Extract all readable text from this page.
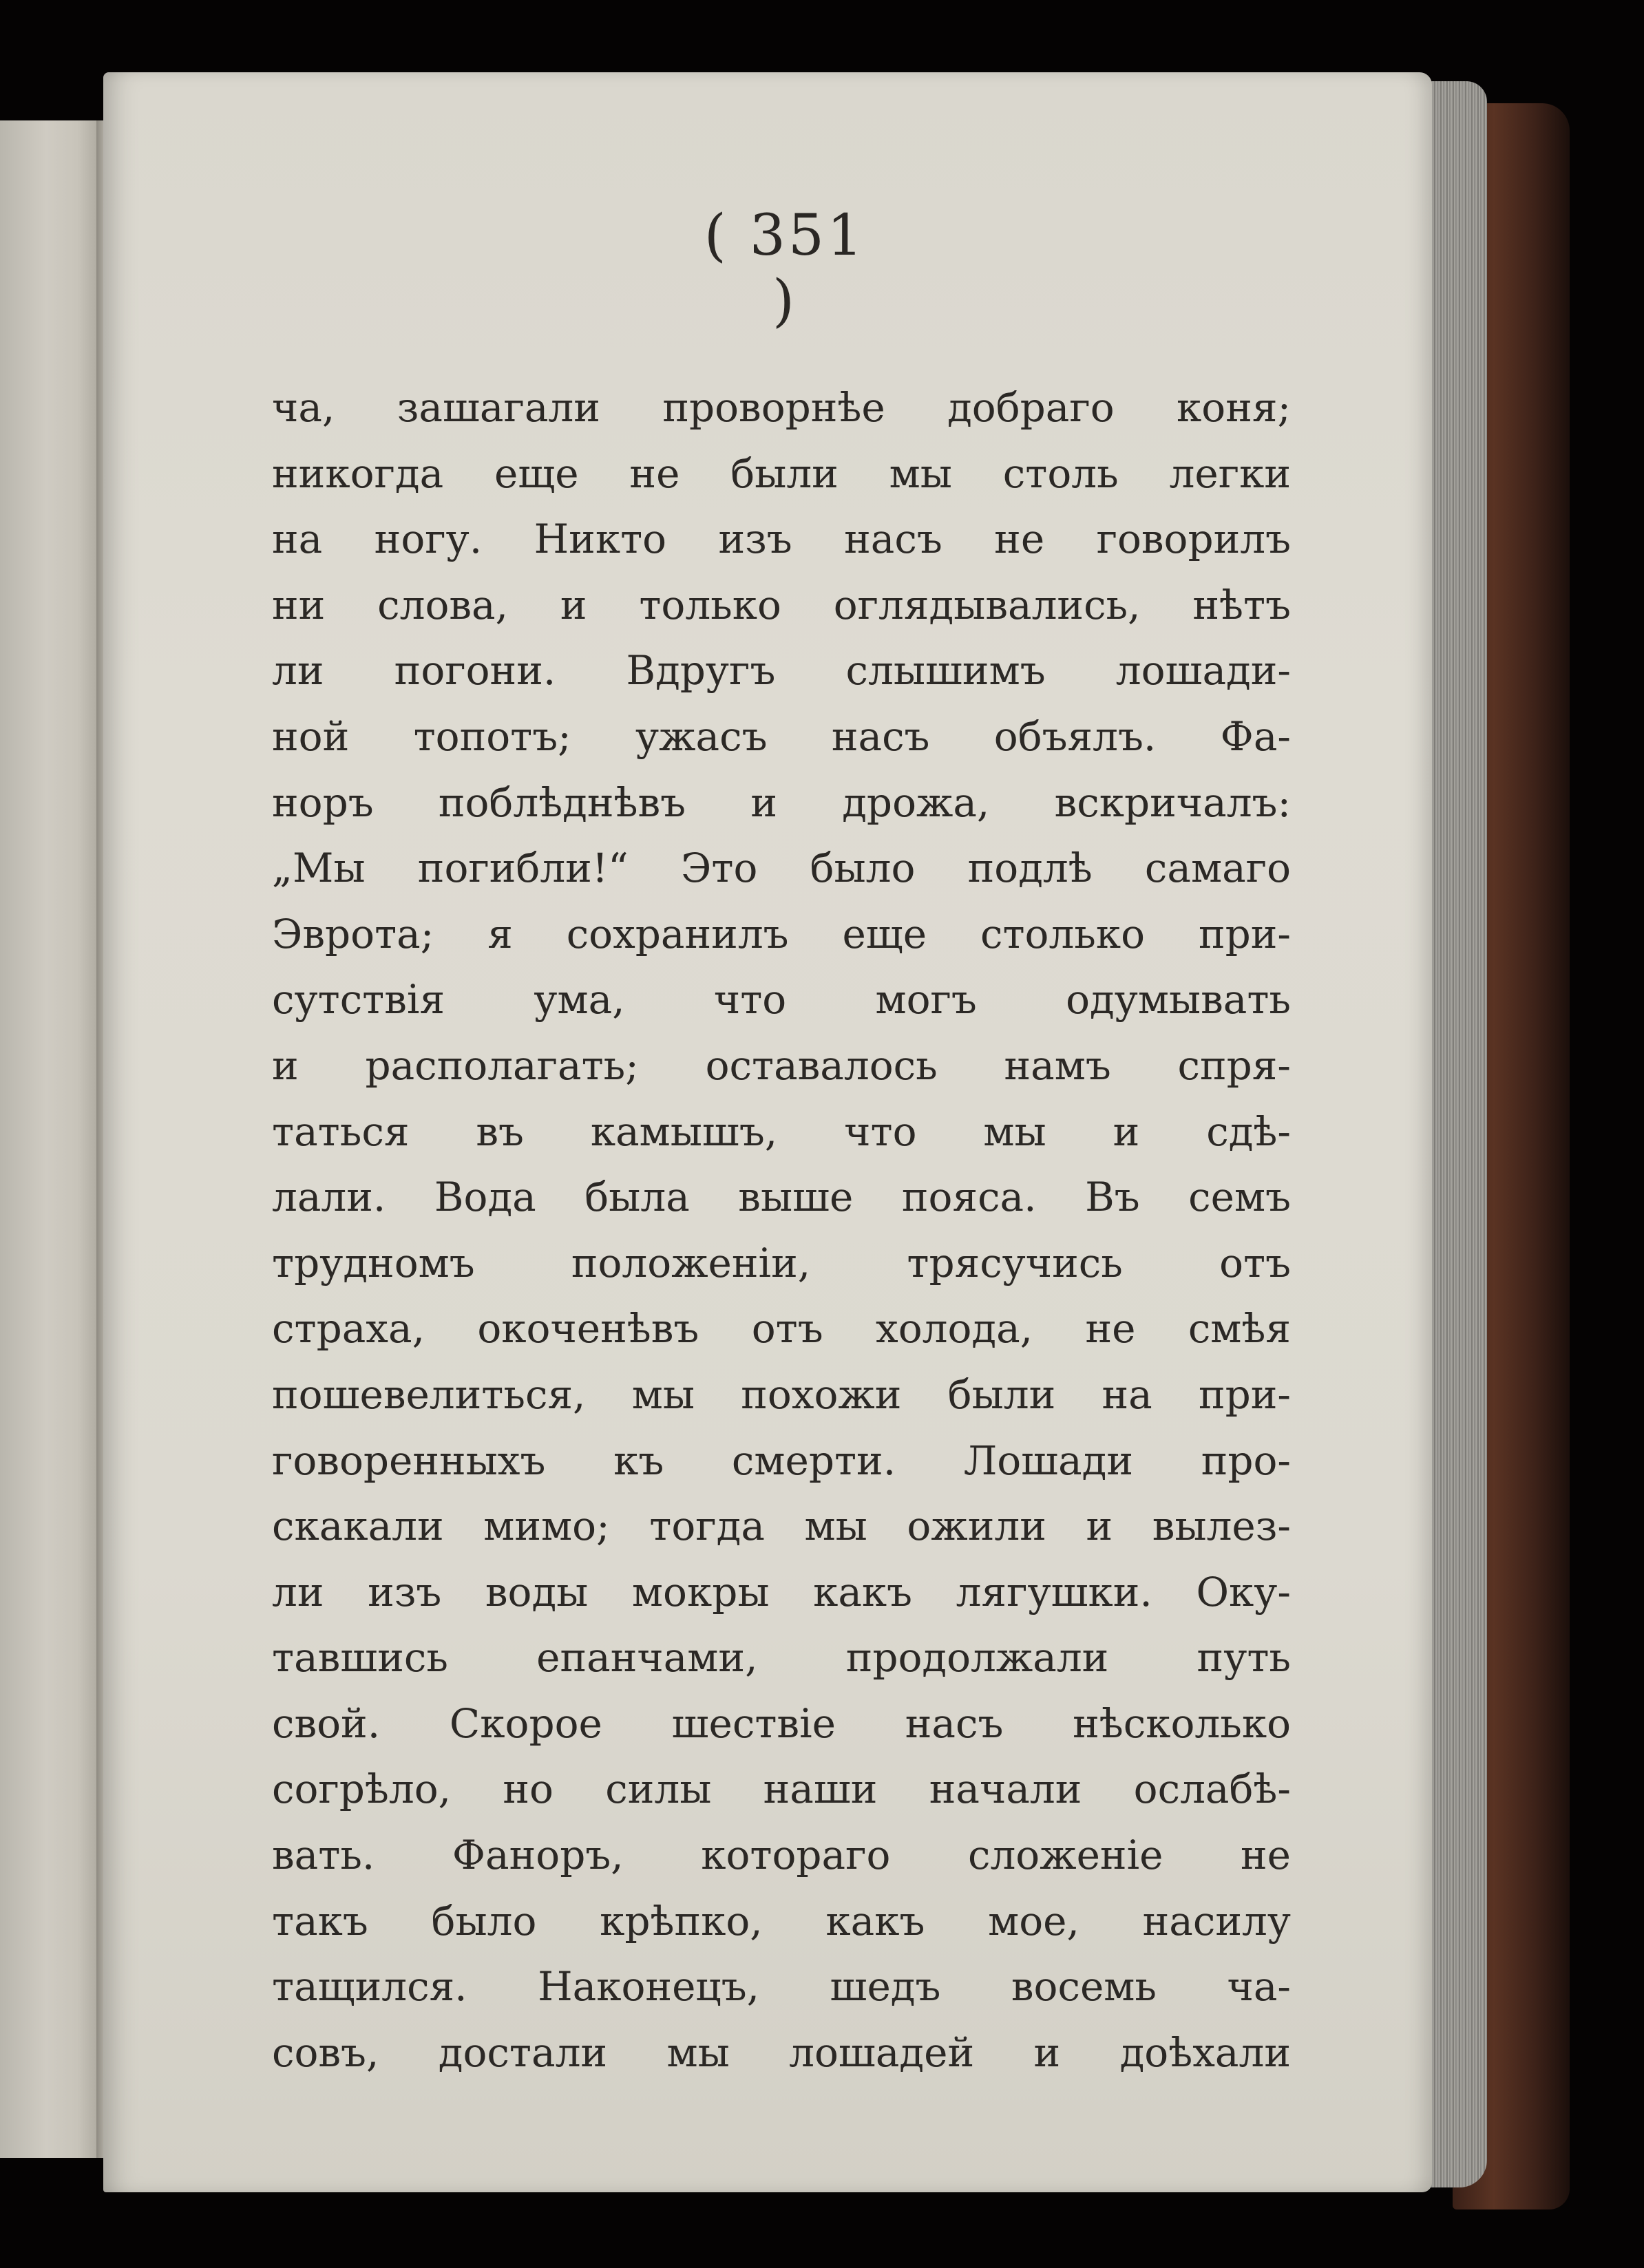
( 351 )
ча, зашагали проворнѣе добраго коня;
никогда еще не были мы столь легки
на ногу. Никто изъ насъ не говорилъ
ни слова, и только оглядывались, нѣтъ
ли погони. Вдругъ слышимъ лошади-
ной топотъ; ужасъ насъ объялъ. Фа-
норъ поблѣднѣвъ и дрожа, вскричалъ:
„Мы погибли!“ Это было подлѣ самаго
Эврота; я сохранилъ еще столько при-
сутствія ума, что могъ одумывать
и располагать; оставалось намъ спря-
таться въ камышъ, что мы и сдѣ-
лали. Вода была выше пояса. Въ семъ
трудномъ положеніи, трясучись отъ
страха, окоченѣвъ отъ холода, не смѣя
пошевелиться, мы похожи были на при-
говоренныхъ къ смерти. Лошади про-
скакали мимо; тогда мы ожили и вылез-
ли изъ воды мокры какъ лягушки. Оку-
тавшись епанчами, продолжали путь
свой. Скорое шествіе насъ нѣсколько
согрѣло, но силы наши начали ослабѣ-
вать. Фаноръ, котораго сложеніе не
такъ было крѣпко, какъ мое, насилу
тащился. Наконецъ, шедъ восемь ча-
совъ, достали мы лошадей и доѣхали
